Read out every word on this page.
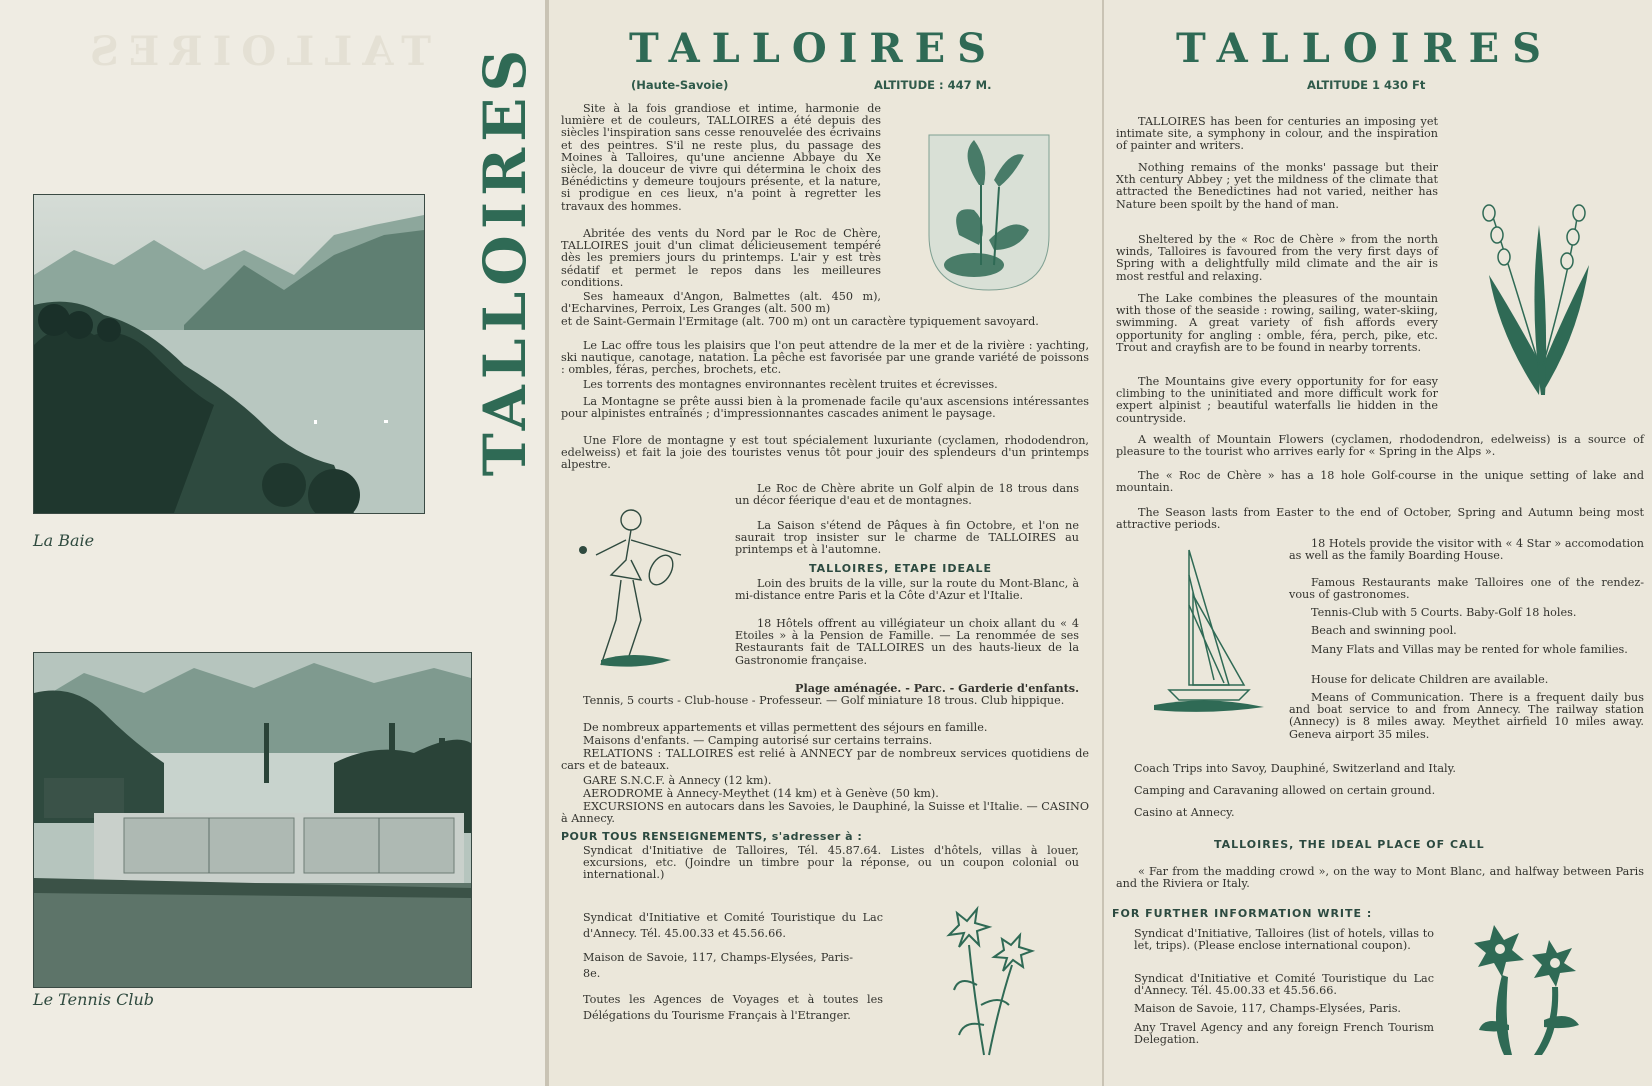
TALLOIRES TALLOIRES
La Baie
Le Tennis Club
TALLOIRES
(Haute-Savoie)	ALTITUDE : 447 M.
Site à la fois grandiose et intime, harmonie de lumière et de couleurs, TALLOIRES a été depuis des siècles l'inspiration sans cesse renouvelée des écrivains et des peintres. S'il ne reste plus, du passage des Moines à Talloires, qu'une ancienne Abbaye du Xe siècle, la douceur de vivre qui détermina le choix des Bénédictins y demeure toujours présente, et la nature, si prodigue en ces lieux, n'a point à regretter les travaux des hommes.
Abritée des vents du Nord par le Roc de Chère, TALLOIRES jouit d'un climat délicieusement tempéré dès les premiers jours du printemps. L'air y est très sédatif et permet le repos dans les meilleures conditions.
Ses hameaux d'Angon, Balmettes (alt. 450 m), d'Echarvines, Perroix, Les Granges (alt. 500 m)
et de Saint-Germain l'Ermitage (alt. 700 m) ont un caractère typiquement savoyard.
Le Lac offre tous les plaisirs que l'on peut attendre de la mer et de la rivière : yachting, ski nautique, canotage, natation. La pêche est favorisée par une grande variété de poissons : ombles, féras, perches, brochets, etc.
Les torrents des montagnes environnantes recèlent truites et écrevisses.
La Montagne se prête aussi bien à la promenade facile qu'aux ascensions intéressantes pour alpinistes entraînés ; d'impressionnantes cascades animent le paysage.
Une Flore de montagne y est tout spécialement luxuriante (cyclamen, rhododendron, edelweiss) et fait la joie des touristes venus tôt pour jouir des splendeurs d'un printemps alpestre.
Le Roc de Chère abrite un Golf alpin de 18 trous dans un décor féerique d'eau et de montagnes.
La Saison s'étend de Pâques à fin Octobre, et l'on ne saurait trop insister sur le charme de TALLOIRES au printemps et à l'automne.
TALLOIRES, ETAPE IDEALE
Loin des bruits de la ville, sur la route du Mont-Blanc, à mi-distance entre Paris et la Côte d'Azur et l'Italie.
18 Hôtels offrent au villégiateur un choix allant du « 4 Etoiles » à la Pension de Famille. — La renommée de ses Restaurants fait de TALLOIRES un des hauts-lieux de la Gastronomie française.
Plage aménagée. - Parc. - Garderie d'enfants.
Tennis, 5 courts - Club-house - Professeur. — Golf miniature 18 trous. Club hippique.
De nombreux appartements et villas permettent des séjours en famille.
Maisons d'enfants. — Camping autorisé sur certains terrains.
RELATIONS : TALLOIRES est relié à ANNECY par de nombreux services quotidiens de cars et de bateaux.
GARE S.N.C.F. à Annecy (12 km).
AERODROME à Annecy-Meythet (14 km) et à Genève (50 km).
EXCURSIONS en autocars dans les Savoies, le Dauphiné, la Suisse et l'Italie. — CASINO à Annecy.
POUR TOUS RENSEIGNEMENTS, s'adresser à :
Syndicat d'Initiative de Talloires, Tél. 45.87.64. Listes d'hôtels, villas à louer, excursions, etc. (Joindre un timbre pour la réponse, ou un coupon colonial ou international.)
Syndicat d'Initiative et Comité Touristique du Lac d'Annecy. Tél. 45.00.33 et 45.56.66.
Maison de Savoie, 117, Champs-Elysées, Paris-8e.
Toutes les Agences de Voyages et à toutes les Délégations du Tourisme Français à l'Etranger.
TALLOIRES
ALTITUDE 1 430 Ft
TALLOIRES has been for centuries an imposing yet intimate site, a symphony in colour, and the inspiration of painter and writers.
Nothing remains of the monks' passage but their Xth century Abbey ; yet the mildness of the climate that attracted the Benedictines had not varied, neither has Nature been spoilt by the hand of man.
Sheltered by the « Roc de Chère » from the north winds, Talloires is favoured from the very first days of Spring with a delightfully mild climate and the air is most restful and relaxing.
The Lake combines the pleasures of the mountain with those of the seaside : rowing, sailing, water-skiing, swimming. A great variety of fish affords every opportunity for angling : omble, féra, perch, pike, etc. Trout and crayfish are to be found in nearby torrents.
The Mountains give every opportunity for for easy climbing to the uninitiated and more difficult work for expert alpinist ; beautiful waterfalls lie hidden in the countryside.
A wealth of Mountain Flowers (cyclamen, rhododendron, edelweiss) is a source of pleasure to the tourist who arrives early for « Spring in the Alps ».
The « Roc de Chère » has a 18 hole Golf-course in the unique setting of lake and mountain.
The Season lasts from Easter to the end of October, Spring and Autumn being most attractive periods.
18 Hotels provide the visitor with « 4 Star » accomodation as well as the family Boarding House.
Famous Restaurants make Talloires one of the rendez-vous of gastronomes.
Tennis-Club with 5 Courts. Baby-Golf 18 holes.
Beach and swinning pool.
Many Flats and Villas may be rented for whole families.
House for delicate Children are available.
Means of Communication. There is a frequent daily bus and boat service to and from Annecy. The railway station (Annecy) is 8 miles away. Meythet airfield 10 miles away. Geneva airport 35 miles.
Coach Trips into Savoy, Dauphiné, Switzerland and Italy.
Camping and Caravaning allowed on certain ground.
Casino at Annecy.
TALLOIRES, THE IDEAL PLACE OF CALL
« Far from the madding crowd », on the way to Mont Blanc, and halfway between Paris and the Riviera or Italy.
FOR FURTHER INFORMATION WRITE :
Syndicat d'Initiative, Talloires (list of hotels, villas to let, trips). (Please enclose international coupon).
Syndicat d'Initiative et Comité Touristique du Lac d'Annecy. Tél. 45.00.33 et 45.56.66.
Maison de Savoie, 117, Champs-Elysées, Paris.
Any Travel Agency and any foreign French Tourism Delegation.
